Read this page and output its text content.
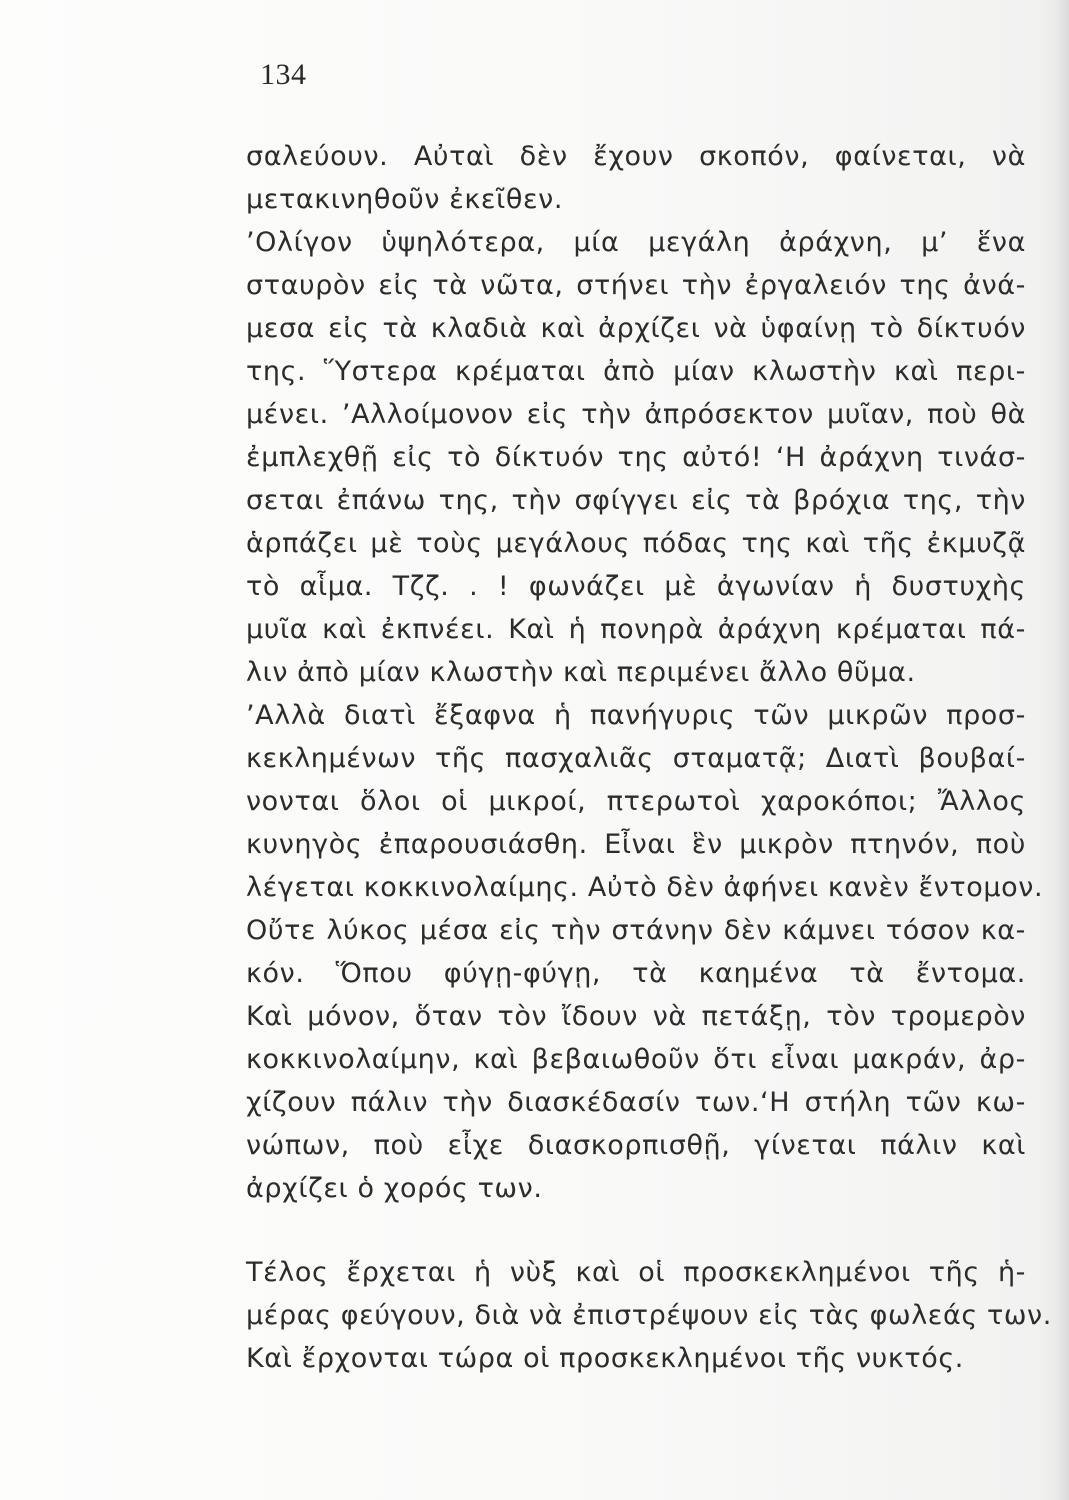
134
σαλεύουν. Αὐταὶ δὲν ἔχουν σκοπόν, φαίνεται, νὰ
μετακινηθοῦν ἐκεῖθεν.
’Ολίγον ὑψηλότερα, μία μεγάλη ἀράχνη, μ’ ἕνα
σταυρὸν εἰς τὰ νῶτα, στήνει τὴν ἐργαλειόν της ἀνά-
μεσα εἰς τὰ κλαδιὰ καὶ ἀρχίζει νὰ ὑφαίνῃ τὸ δίκτυόν
της. Ὕστερα κρέμαται ἀπὸ μίαν κλωστὴν καὶ περι-
μένει. ’Αλλοίμονον εἰς τὴν ἀπρόσεκτον μυῖαν, ποὺ θὰ
ἐμπλεχθῇ εἰς τὸ δίκτυόν της αὐτό! ‘Η ἀράχνη τινάσ-
σεται ἐπάνω της, τὴν σφίγγει εἰς τὰ βρόχια της, τὴν
ἁρπάζει μὲ τοὺς μεγάλους πόδας της καὶ τῆς ἐκμυζᾷ
τὸ αἷμα. Τζζ. . ! φωνάζει μὲ ἀγωνίαν ἡ δυστυχὴς
μυῖα καὶ ἐκπνέει. Καὶ ἡ πονηρὰ ἀράχνη κρέμαται πά-
λιν ἀπὸ μίαν κλωστὴν καὶ περιμένει ἄλλο θῦμα.
’Αλλὰ διατὶ ἔξαφνα ἡ πανήγυρις τῶν μικρῶν προσ-
κεκλημένων τῆς πασχαλιᾶς σταματᾷ; Διατὶ βουβαί-
νονται ὅλοι οἱ μικροί, πτερωτοὶ χαροκόποι; Ἄλλος
κυνηγὸς ἐπαρουσιάσθη. Εἶναι ἓν μικρὸν πτηνόν, ποὺ
λέγεται κοκκινολαίμης. Αὐτὸ δὲν ἀφήνει κανὲν ἔντομον.
Οὔτε λύκος μέσα εἰς τὴν στάνην δὲν κάμνει τόσον κα-
κόν. Ὅπου φύγῃ-φύγῃ, τὰ καημένα τὰ ἔντομα.
Καὶ μόνον, ὅταν τὸν ἴδουν νὰ πετάξῃ, τὸν τρομερὸν
κοκκινολαίμην, καὶ βεβαιωθοῦν ὅτι εἶναι μακράν, ἀρ-
χίζουν πάλιν τὴν διασκέδασίν των.‘Η στήλη τῶν κω-
νώπων, ποὺ εἶχε διασκορπισθῇ, γίνεται πάλιν καὶ
ἀρχίζει ὁ χορός των.
Τέλος ἔρχεται ἡ νὺξ καὶ οἱ προσκεκλημένοι τῆς ἡ-
μέρας φεύγουν, διὰ νὰ ἐπιστρέψουν εἰς τὰς φωλεάς των.
Καὶ ἔρχονται τώρα οἱ προσκεκλημένοι τῆς νυκτός.
